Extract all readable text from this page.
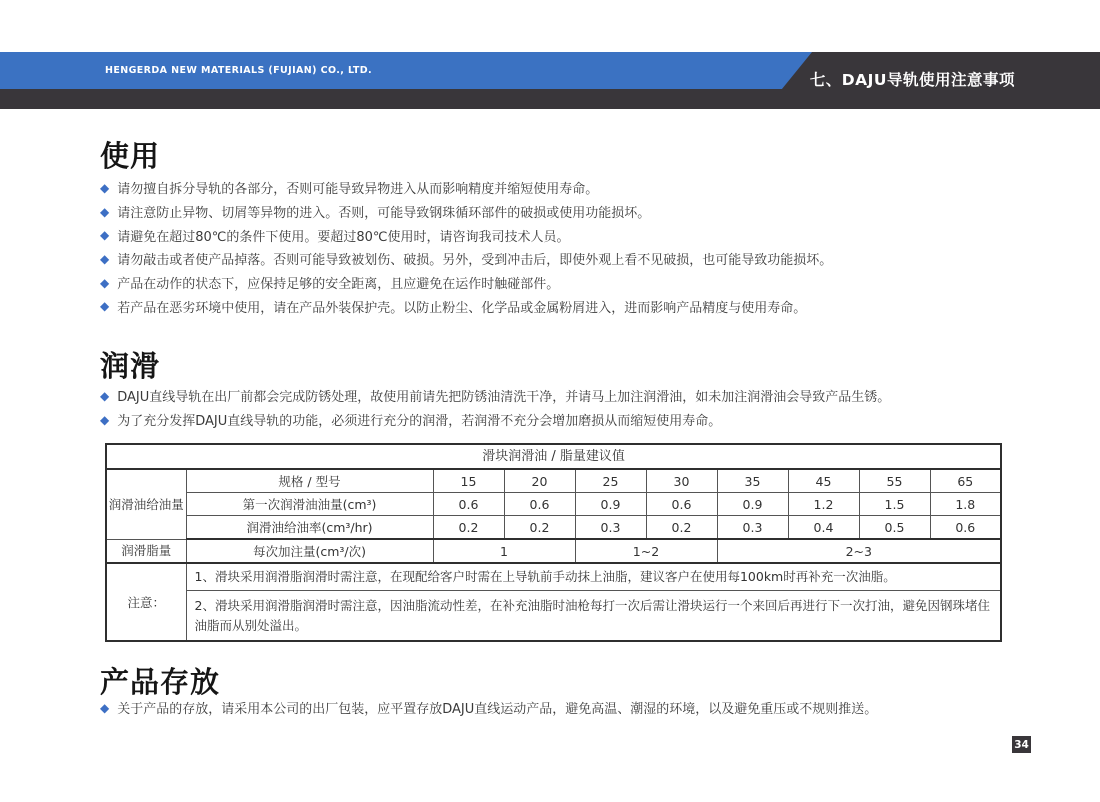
HENGERDA NEW MATERIALS (FUJIAN) CO., LTD.
七、DAJU导轨使用注意事项
使用
◆ 请勿擅自拆分导轨的各部分，否则可能导致异物进入从而影响精度并缩短使用寿命。
◆ 请注意防止异物、切屑等异物的进入。否则，可能导致钢珠循环部件的破损或使用功能损坏。
◆ 请避免在超过80℃的条件下使用。要超过80℃使用时，请咨询我司技术人员。
◆ 请勿敲击或者使产品掉落。否则可能导致被划伤、破损。另外，受到冲击后，即使外观上看不见破损，也可能导致功能损坏。
◆ 产品在动作的状态下，应保持足够的安全距离，且应避免在运作时触碰部件。
◆ 若产品在恶劣环境中使用，请在产品外装保护壳。以防止粉尘、化学品或金属粉屑进入，进而影响产品精度与使用寿命。
润滑
◆ DAJU直线导轨在出厂前都会完成防锈处理，故使用前请先把防锈油清洗干净，并请马上加注润滑油，如未加注润滑油会导致产品生锈。
◆ 为了充分发挥DAJU直线导轨的功能，必须进行充分的润滑，若润滑不充分会增加磨损从而缩短使用寿命。
滑块润滑油 / 脂量建议值									
润滑油给油量	规格 / 型号	15	20	25	30	35	45	55	65
	第一次润滑油油量(cm³)	0.6	0.6	0.9	0.6	0.9	1.2	1.5	1.8
	润滑油给油率(cm³/hr)	0.2	0.2	0.3	0.2	0.3	0.4	0.5	0.6
润滑脂量	每次加注量(cm³/次)	1		1~2		2~3			
注意：	1、滑块采用润滑脂润滑时需注意，在现配给客户时需在上导轨前手动抹上油脂，建议客户在使用每100km时再补充一次油脂。								
	2、滑块采用润滑脂润滑时需注意，因油脂流动性差，在补充油脂时油枪每打一次后需让滑块运行一个来回后再进行下一次打油，避免因钢珠堵住油脂而从别处溢出。								
产品存放
◆ 关于产品的存放，请采用本公司的出厂包装，应平置存放DAJU直线运动产品，避免高温、潮湿的环境，以及避免重压或不规则推送。
34
